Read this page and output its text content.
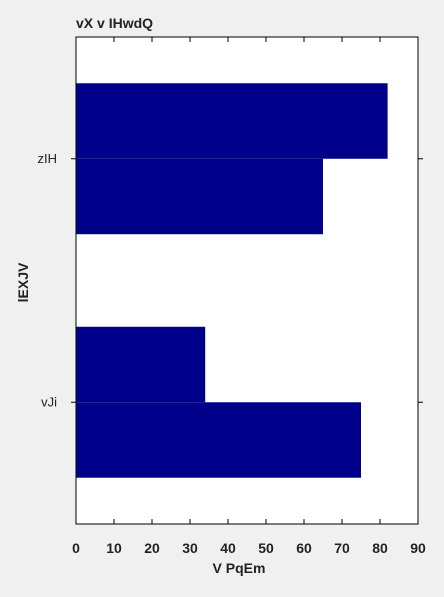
zIH
vJi
0 10 20 30 40 50 60 70 80 90
vX v IHwdQ
V PqEm
lEXJV
